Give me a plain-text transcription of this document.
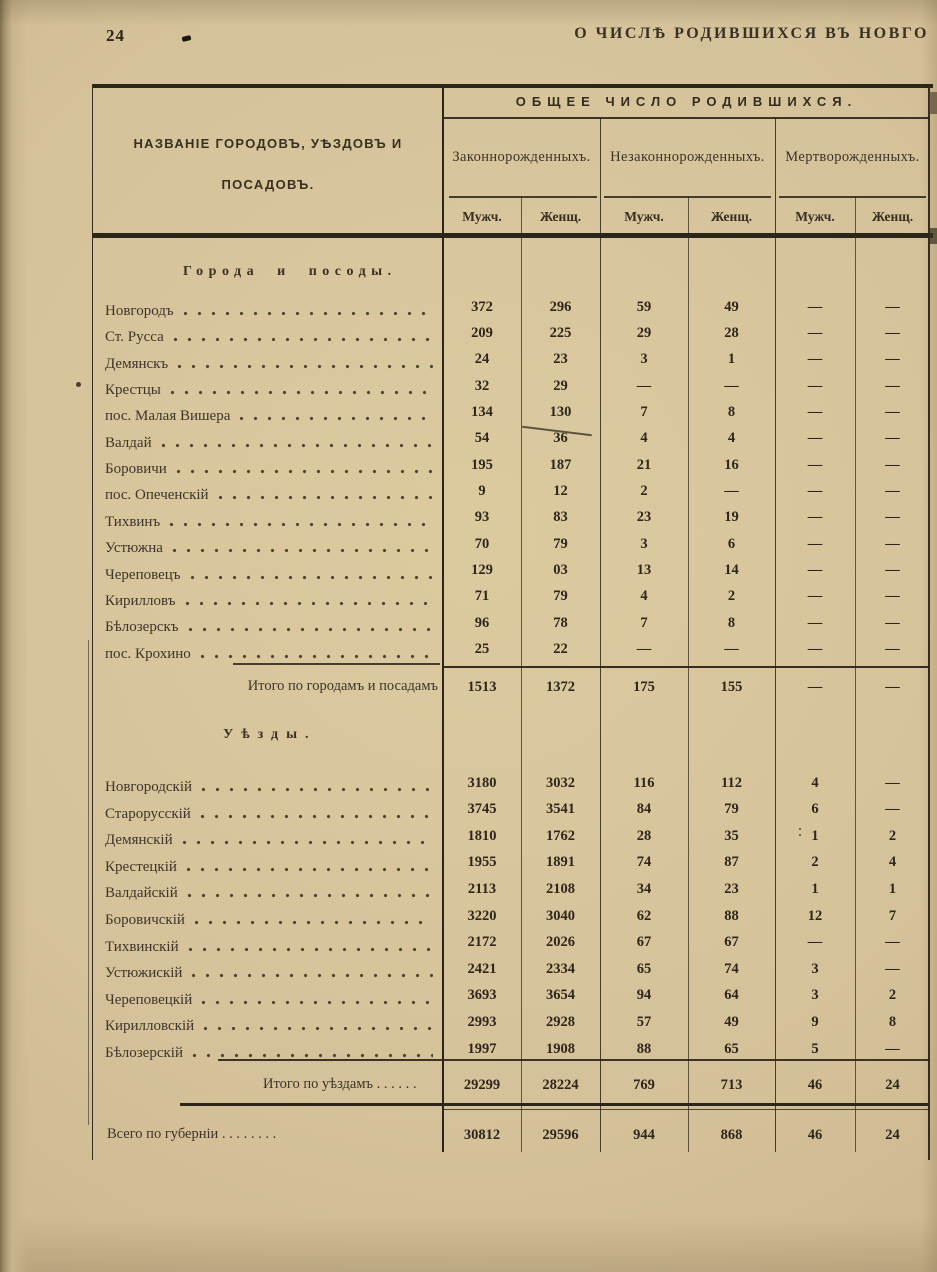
24	О ЧИСЛѢ РОДИВШИХСЯ ВЪ НОВГО
НАЗВАНІЕ ГОРОДОВЪ, УѢЗДОВЪ И
ПОСАДОВЪ.
ОБЩЕЕ ЧИСЛО РОДИВШИХСЯ.
Законнорожденныхъ.	Незаконнорожденныхъ.	Мертворожденныхъ.
Мужч.	Женщ.	Мужч.	Женщ.	Мужч.	Женщ.
Города и посоды.
Новгородъ	372	296	59	49	—	—
Ст. Русса	209	225	29	28	—	—
Демянскъ	24	23	3	1	—	—
Крестцы	32	29	—	—	—	—
пос. Малая Вишера	134	130	7	8	—	—
Валдай	54	36	4	4	—	—
Боровичи	195	187	21	16	—	—
пос. Опеченскій	9	12	2	—	—	—
Тихвинъ	93	83	23	19	—	—
Устюжна	70	79	3	6	—	—
Череповецъ	129	03	13	14	—	—
Кирилловъ	71	79	4	2	—	—
Бѣлозерскъ	96	78	7	8	—	—
пос. Крохино	25	22	—	—	—	—
Итого по городамъ и посадамъ 1513	1372	175	155	—	—
Уѣзды.
Новгородскій	3180	3032	116	112	4	—
Старорусскій	3745	3541	84	79	6	—
Демянскій	1810	1762	28	35	1	2
Крестецкій	1955	1891	74	87	2	4
Валдайскій	2113	2108	34	23	1	1
Боровичскій	3220	3040	62	88	12	7
Тихвинскій	2172	2026	67	67	—	—
Устюжискій	2421	2334	65	74	3	—
Череповецкій	3693	3654	94	64	3	2
Кирилловскій	2993	2928	57	49	9	8
Бѣлозерскій	1997	1908	88	65	5	—
Итого по уѣздамъ . . . . . .	29299	28224	769	713	46	24
Всего по губерніи . . . . . . . .	30812	29596	944	868	46	24
